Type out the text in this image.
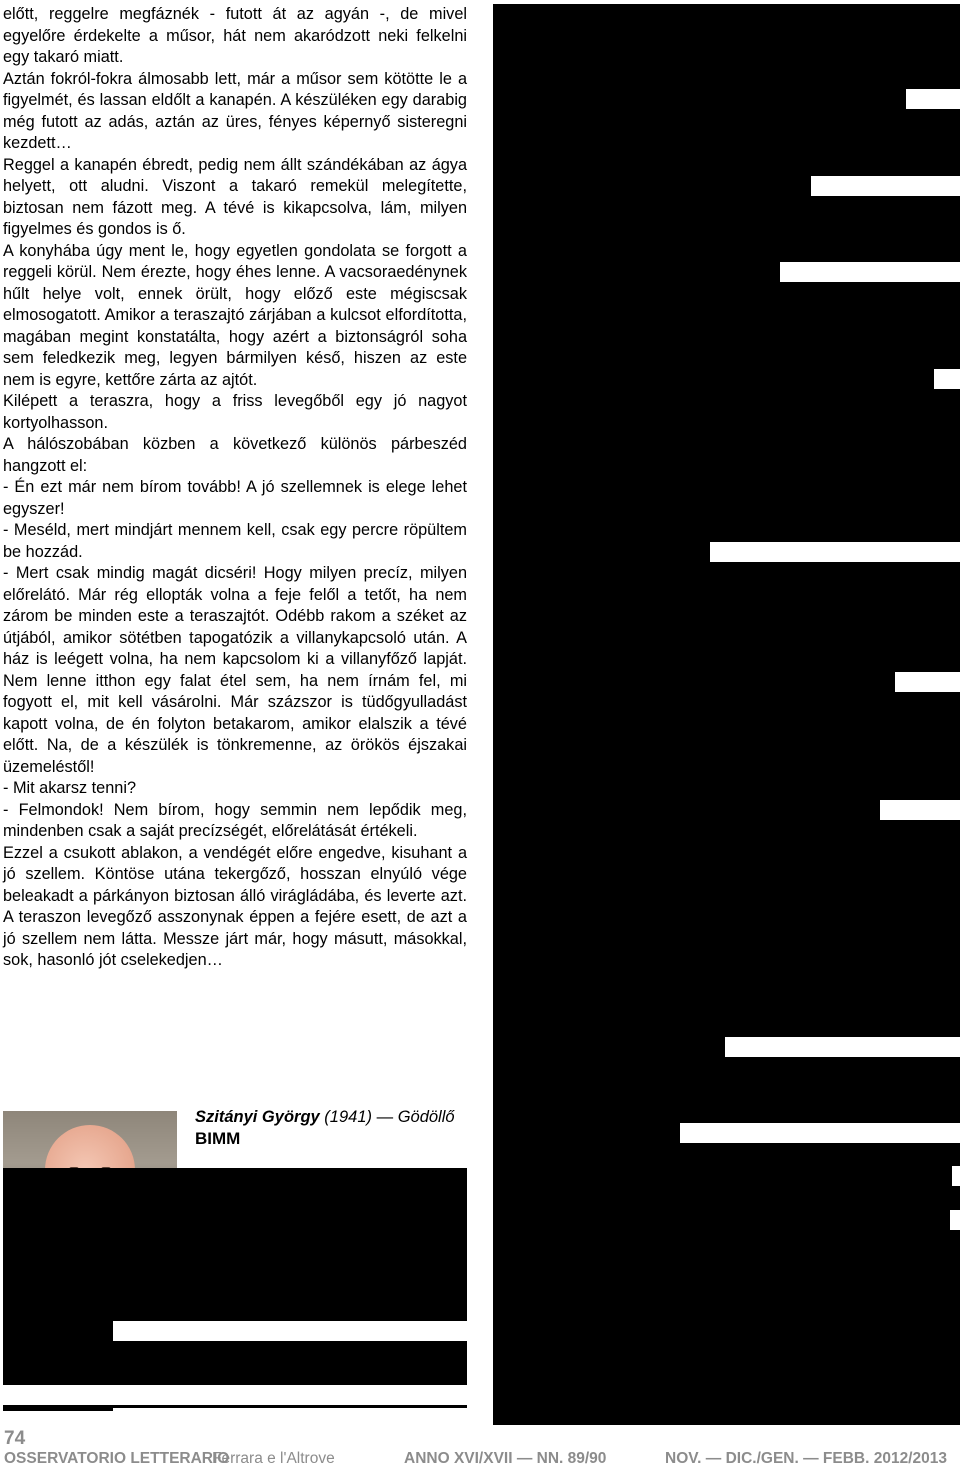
előtt, reggelre megfáznék - futott át az agyán -, de mivel egyelőre érdekelte a műsor, hát nem akaródzott neki felkelni egy takaró miatt.

Aztán fokról-fokra álmosabb lett, már a műsor sem kötötte le a figyelmét, és lassan eldőlt a kanapén. A készüléken egy darabig még futott az adás, aztán az üres, fényes képernyő sisteregni kezdett…

Reggel a kanapén ébredt, pedig nem állt szándékában az ágya helyett, ott aludni. Viszont a takaró remekül melegítette, biztosan nem fázott meg. A tévé is kikapcsolva, lám, milyen figyelmes és gondos is ő.

A konyhába úgy ment le, hogy egyetlen gondolata se forgott a reggeli körül. Nem érezte, hogy éhes lenne. A vacsoraedénynek hűlt helye volt, ennek örült, hogy előző este mégiscsak elmosogatott. Amikor a teraszajtó zárjában a kulcsot elfordította, magában megint konstatálta, hogy azért a biztonságról soha sem feledkezik meg, legyen bármilyen késő, hiszen az este nem is egyre, kettőre zárta az ajtót.

Kilépett a teraszra, hogy a friss levegőből egy jó nagyot kortyolhasson.

A hálószobában közben a következő különös párbeszéd hangzott el:

- Én ezt már nem bírom tovább! A jó szellemnek is elege lehet egyszer!

- Meséld, mert mindjárt mennem kell, csak egy percre röpültem be hozzád.

- Mert csak mindig magát dicséri! Hogy milyen precíz, milyen előrelátó. Már rég ellopták volna a feje felől a tetőt, ha nem zárom be minden este a teraszajtót. Odébb rakom a széket az útjából, amikor sötétben tapogatózik a villanykapcsoló után. A ház is leégett volna, ha nem kapcsolom ki a villanyfőző lapját. Nem lenne itthon egy falat étel sem, ha nem írnám fel, mi fogyott el, mit kell vásárolni. Már százszor is tüdőgyulladást kapott volna, de én folyton betakarom, amikor elalszik a tévé előtt. Na, de a készülék is tönkremenne, az örökös éjszakai üzemeléstől!

- Mit akarsz tenni?

- Felmondok! Nem bírom, hogy semmin nem lepődik meg, mindenben csak a saját precízségét, előrelátását értékeli.

Ezzel a csukott ablakon, a vendégét előre engedve, kisuhant a jó szellem. Köntöse utána tekergőző, hosszan elnyúló vége beleakadt a párkányon biztosan álló virágládába, és leverte azt. A teraszon levegőző asszonynak éppen a fejére esett, de azt a jó szellem nem látta. Messze járt már, hogy másutt, másokkal, sok, hasonló jót cselekedjen…

Szitányi György (1941) — Gödöllő
BIMM
74
OSSERVATORIO LETTERARIO
Ferrara e l'Altrove	ANNO XVI/XVII — NN. 89/90	NOV. — DIC./GEN. — FEBB. 2012/2013
